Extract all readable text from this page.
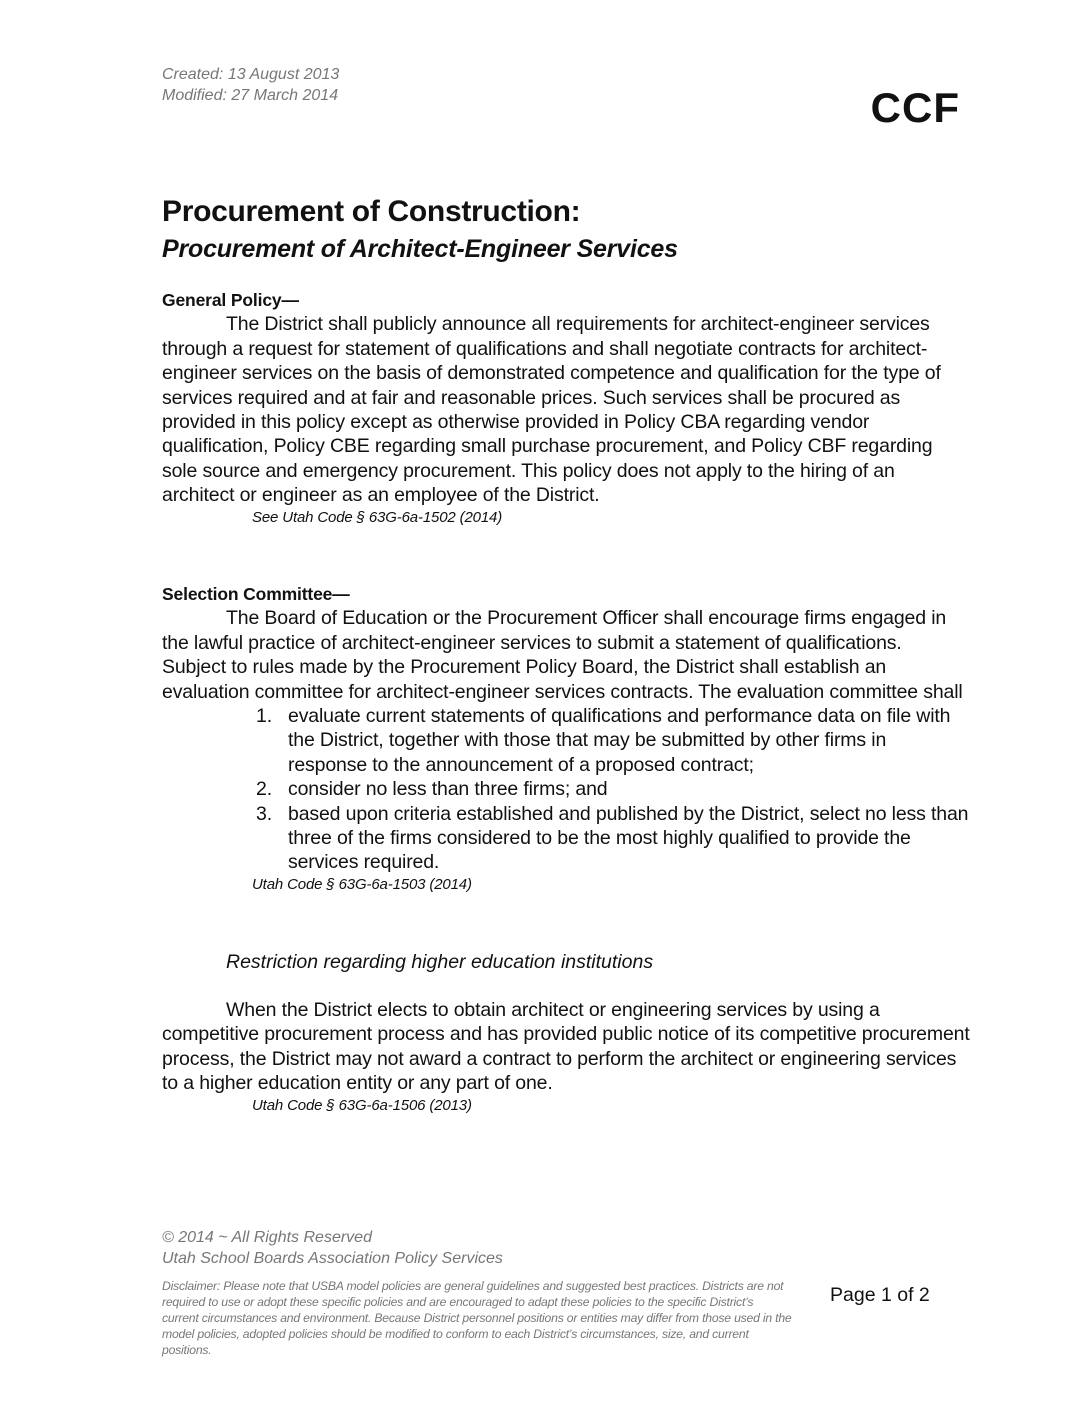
Created: 13 August 2013
Modified: 27 March 2014	CCF
Procurement of Construction:
Procurement of Architect-Engineer Services
General Policy—

The District shall publicly announce all requirements for architect-engineer services through a request for statement of qualifications and shall negotiate contracts for architect-engineer services on the basis of demonstrated competence and qualification for the type of services required and at fair and reasonable prices. Such services shall be procured as provided in this policy except as otherwise provided in Policy CBA regarding vendor qualification, Policy CBE regarding small purchase procurement, and Policy CBF regarding sole source and emergency procurement. This policy does not apply to the hiring of an architect or engineer as an employee of the District.

See Utah Code § 63G-6a-1502 (2014)
Selection Committee—

The Board of Education or the Procurement Officer shall encourage firms engaged in the lawful practice of architect-engineer services to submit a statement of qualifications. Subject to rules made by the Procurement Policy Board, the District shall establish an evaluation committee for architect-engineer services contracts. The evaluation committee shall

1. evaluate current statements of qualifications and performance data on file with the District, together with those that may be submitted by other firms in response to the announcement of a proposed contract;
2. consider no less than three firms; and
3. based upon criteria established and published by the District, select no less than three of the firms considered to be the most highly qualified to provide the services required.
Utah Code § 63G-6a-1503 (2014)
Restriction regarding higher education institutions

When the District elects to obtain architect or engineering services by using a competitive procurement process and has provided public notice of its competitive procurement process, the District may not award a contract to perform the architect or engineering services to a higher education entity or any part of one.

Utah Code § 63G-6a-1506 (2013)
© 2014 ~ All Rights Reserved
Utah School Boards Association Policy Services
Disclaimer: Please note that USBA model policies are general guidelines and suggested best practices. Districts are not required to use or adopt these specific policies and are encouraged to adapt these policies to the specific District’s current circumstances and environment. Because District personnel positions or entities may differ from those used in the model policies, adopted policies should be modified to conform to each District’s circumstances, size, and current positions.
Page 1 of 2
